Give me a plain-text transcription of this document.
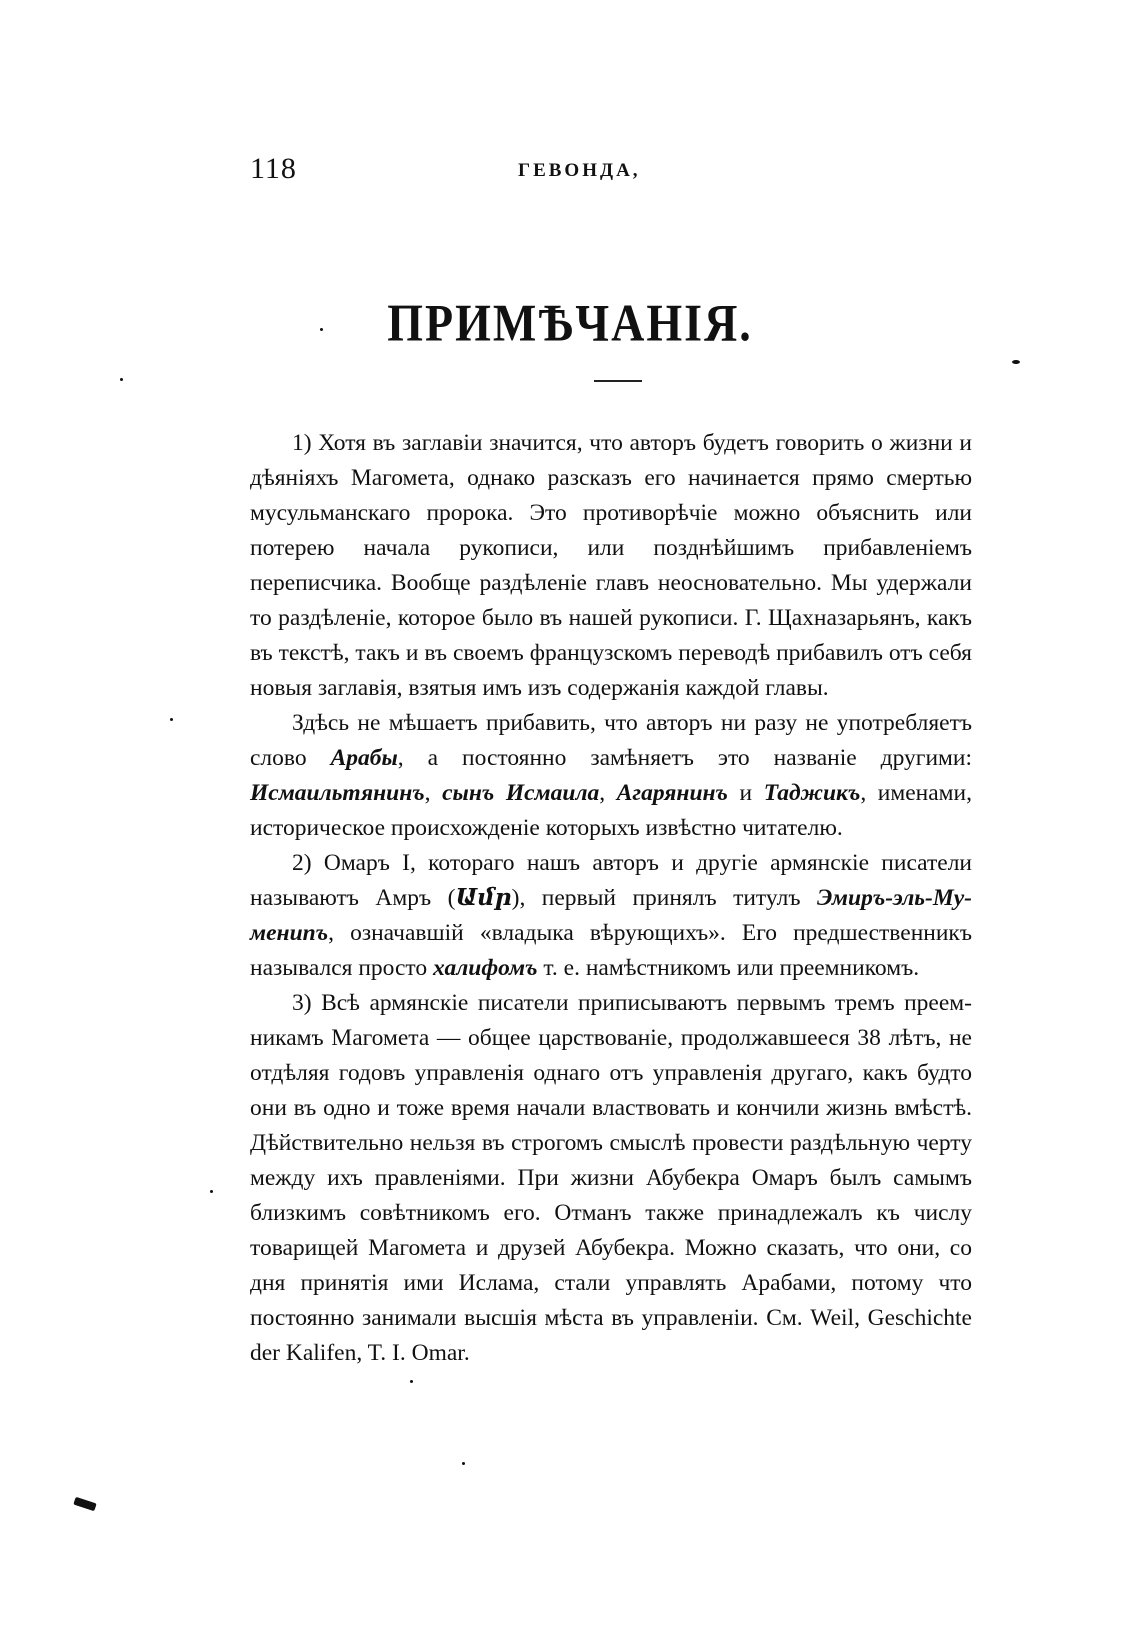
118	ГЕВОНДА,
ПРИМѢЧАНІЯ.

1) Хотя въ заглавіи значится, что авторъ будетъ говорить о жизни и дѣяніяхъ Магомета, однако разсказъ его начинается прямо смертью мусульманскаго пророка. Это противорѣчіе можно объяснить или потерею начала рукописи, или позднѣйшимъ прибавленіемъ переписчика. Вообще раздѣленіе главъ неосновательно. Мы удержали то раздѣленіе, которое было въ нашей рукописи. Г. Щахназарьянъ, какъ въ текстѣ, такъ и въ своемъ французскомъ переводѣ прибавилъ отъ себя новыя заглавія, взятыя имъ изъ содержанія каждой главы.

Здѣсь не мѣшаетъ прибавить, что авторъ ни разу не употребляетъ слово Арабы, а постоянно замѣняетъ это названіе другими: Исмаильтянинъ, сынъ Исмаила, Агарянинъ и Таджикъ, именами, историческое происхожденіе которыхъ извѣстно читателю.

2) Омаръ I, котораго нашъ авторъ и другіе армянскіе писатели называютъ Амръ (Ամր), первый принялъ титулъ Эмиръ-эль-Мумениnъ, означавшій «владыка вѣрующихъ». Его предшественникъ назывался просто халифомъ т. е. намѣстникомъ или преемникомъ.

3) Всѣ армянскіе писатели приписываютъ первымъ тремъ преемникамъ Магомета — общее царствованіе, продолжавшееся 38 лѣтъ, не отдѣляя годовъ управленія однаго отъ управленія другаго, какъ будто они въ одно и тоже время начали властвовать и кончили жизнь вмѣстѣ. Дѣйствительно нельзя въ строгомъ смыслѣ провести раздѣльную черту между ихъ правленіями. При жизни Абубекра Омаръ былъ самымъ близкимъ совѣтникомъ его. Отманъ также принадлежалъ къ числу товарищей Магомета и друзей Абубекра. Можно сказать, что они, со дня принятія ими Ислама, стали управлять Арабами, потому что постоянно занимали высшія мѣста въ управленіи. См. Weil, Geschichte der Kalifen, T. I. Omar.
